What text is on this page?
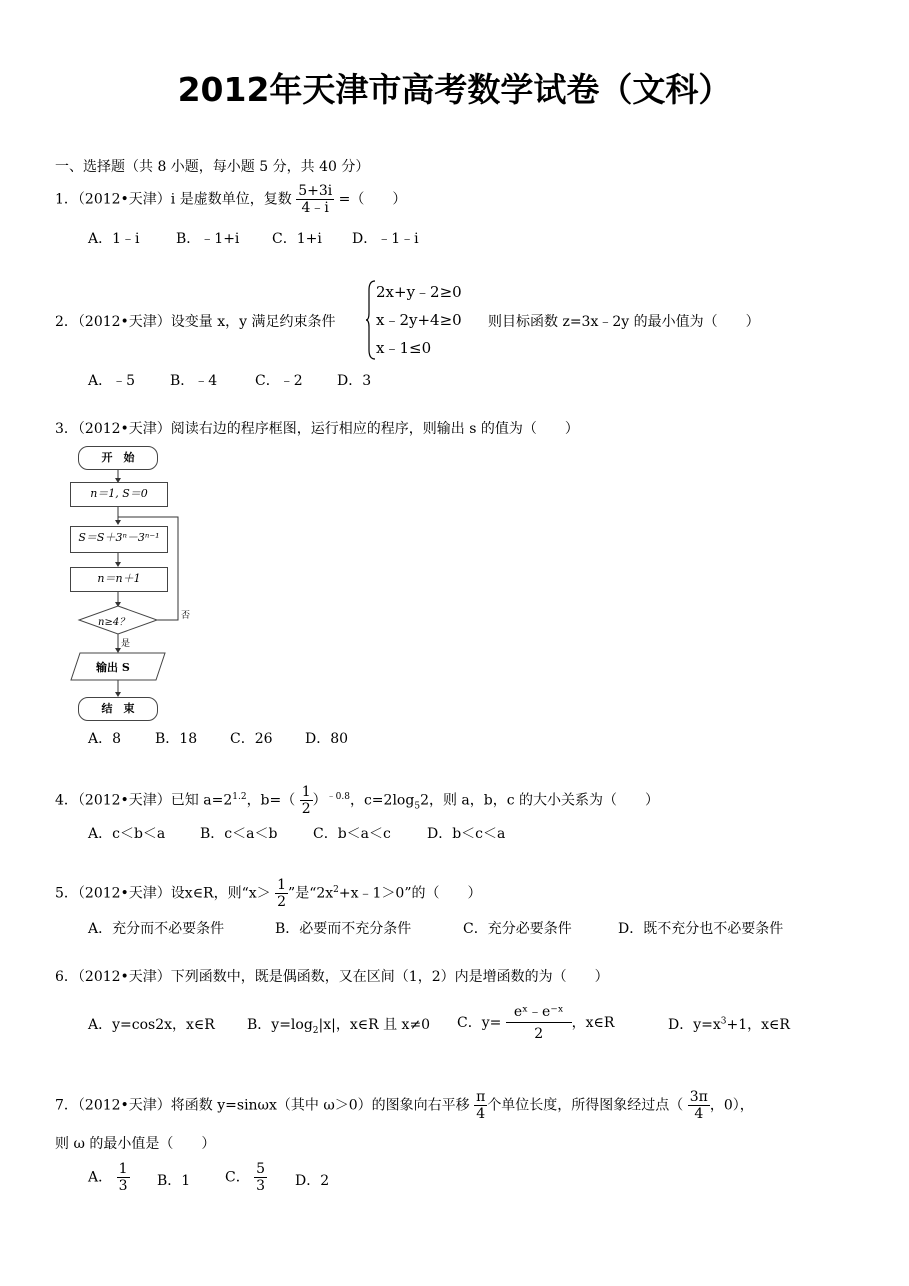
2012年天津市高考数学试卷（文科）
一、选择题（共 8 小题，每小题 5 分，共 40 分）
1．（2012•天津）i 是虚数单位，复数 $\frac{5+3i}{4﹣i}$ =（　　）
A．1﹣i	B．﹣1+i C．1+i D．﹣1﹣i
2．（2012•天津）设变量 x，y 满足约束条件
2x+y﹣2≥0
x﹣2y+4≥0
x﹣1≤0
则目标函数 z=3x﹣2y 的最小值为（　　）
A．﹣5 B．﹣4	C．﹣2 D．3
3．（2012•天津）阅读右边的程序框图，运行相应的程序，则输出 s 的值为（　　）
开　始
n＝1, S＝0
S＝S＋3ⁿ－3ⁿ⁻¹
n＝n＋1
n≥4？
否
是
输出 S
结　束
A．8 B．18 C．26 D．80
4．（2012•天津）已知 $a=2^{1.2}$，$b=( \frac{1}{2} )^{﹣0.8}$，$c=2\log_52$，则 a，b，c 的大小关系为（　　）
A．c＜b＜a B．c＜a＜b	C．b＜a＜c	D．b＜c＜a
5．（2012•天津）设x∈R，则“$x> \frac{1}{2}$ ”是“$2x^2+x﹣1>0$”的（　　）
A．充分而不必要条件	B．必要而不充分条件	C．充分必要条件	D．既不充分也不必要条件
6．（2012•天津）下列函数中，既是偶函数，又在区间（1，2）内是增函数的为（　　）
A．y=cos2x，x∈R B．$y=\log_2|x|$，x∈R 且 x≠0 C．$y= \frac{\text{eˣ﹣e⁻ˣ}}{2}$ ，x∈R	D．$y=x^3+1$，x∈R
7．（2012•天津）将函数 y=sinωx（其中 ω＞0）的图象向右平移 $\frac{\pi}{4}$ 个单位长度，所得图象经过点（ $\frac{3\pi}{4}$ ，0），
则 ω 的最小值是（　　）
A． $\frac{1}{3}$ B．1 C． $\frac{5}{3}$ D．2
